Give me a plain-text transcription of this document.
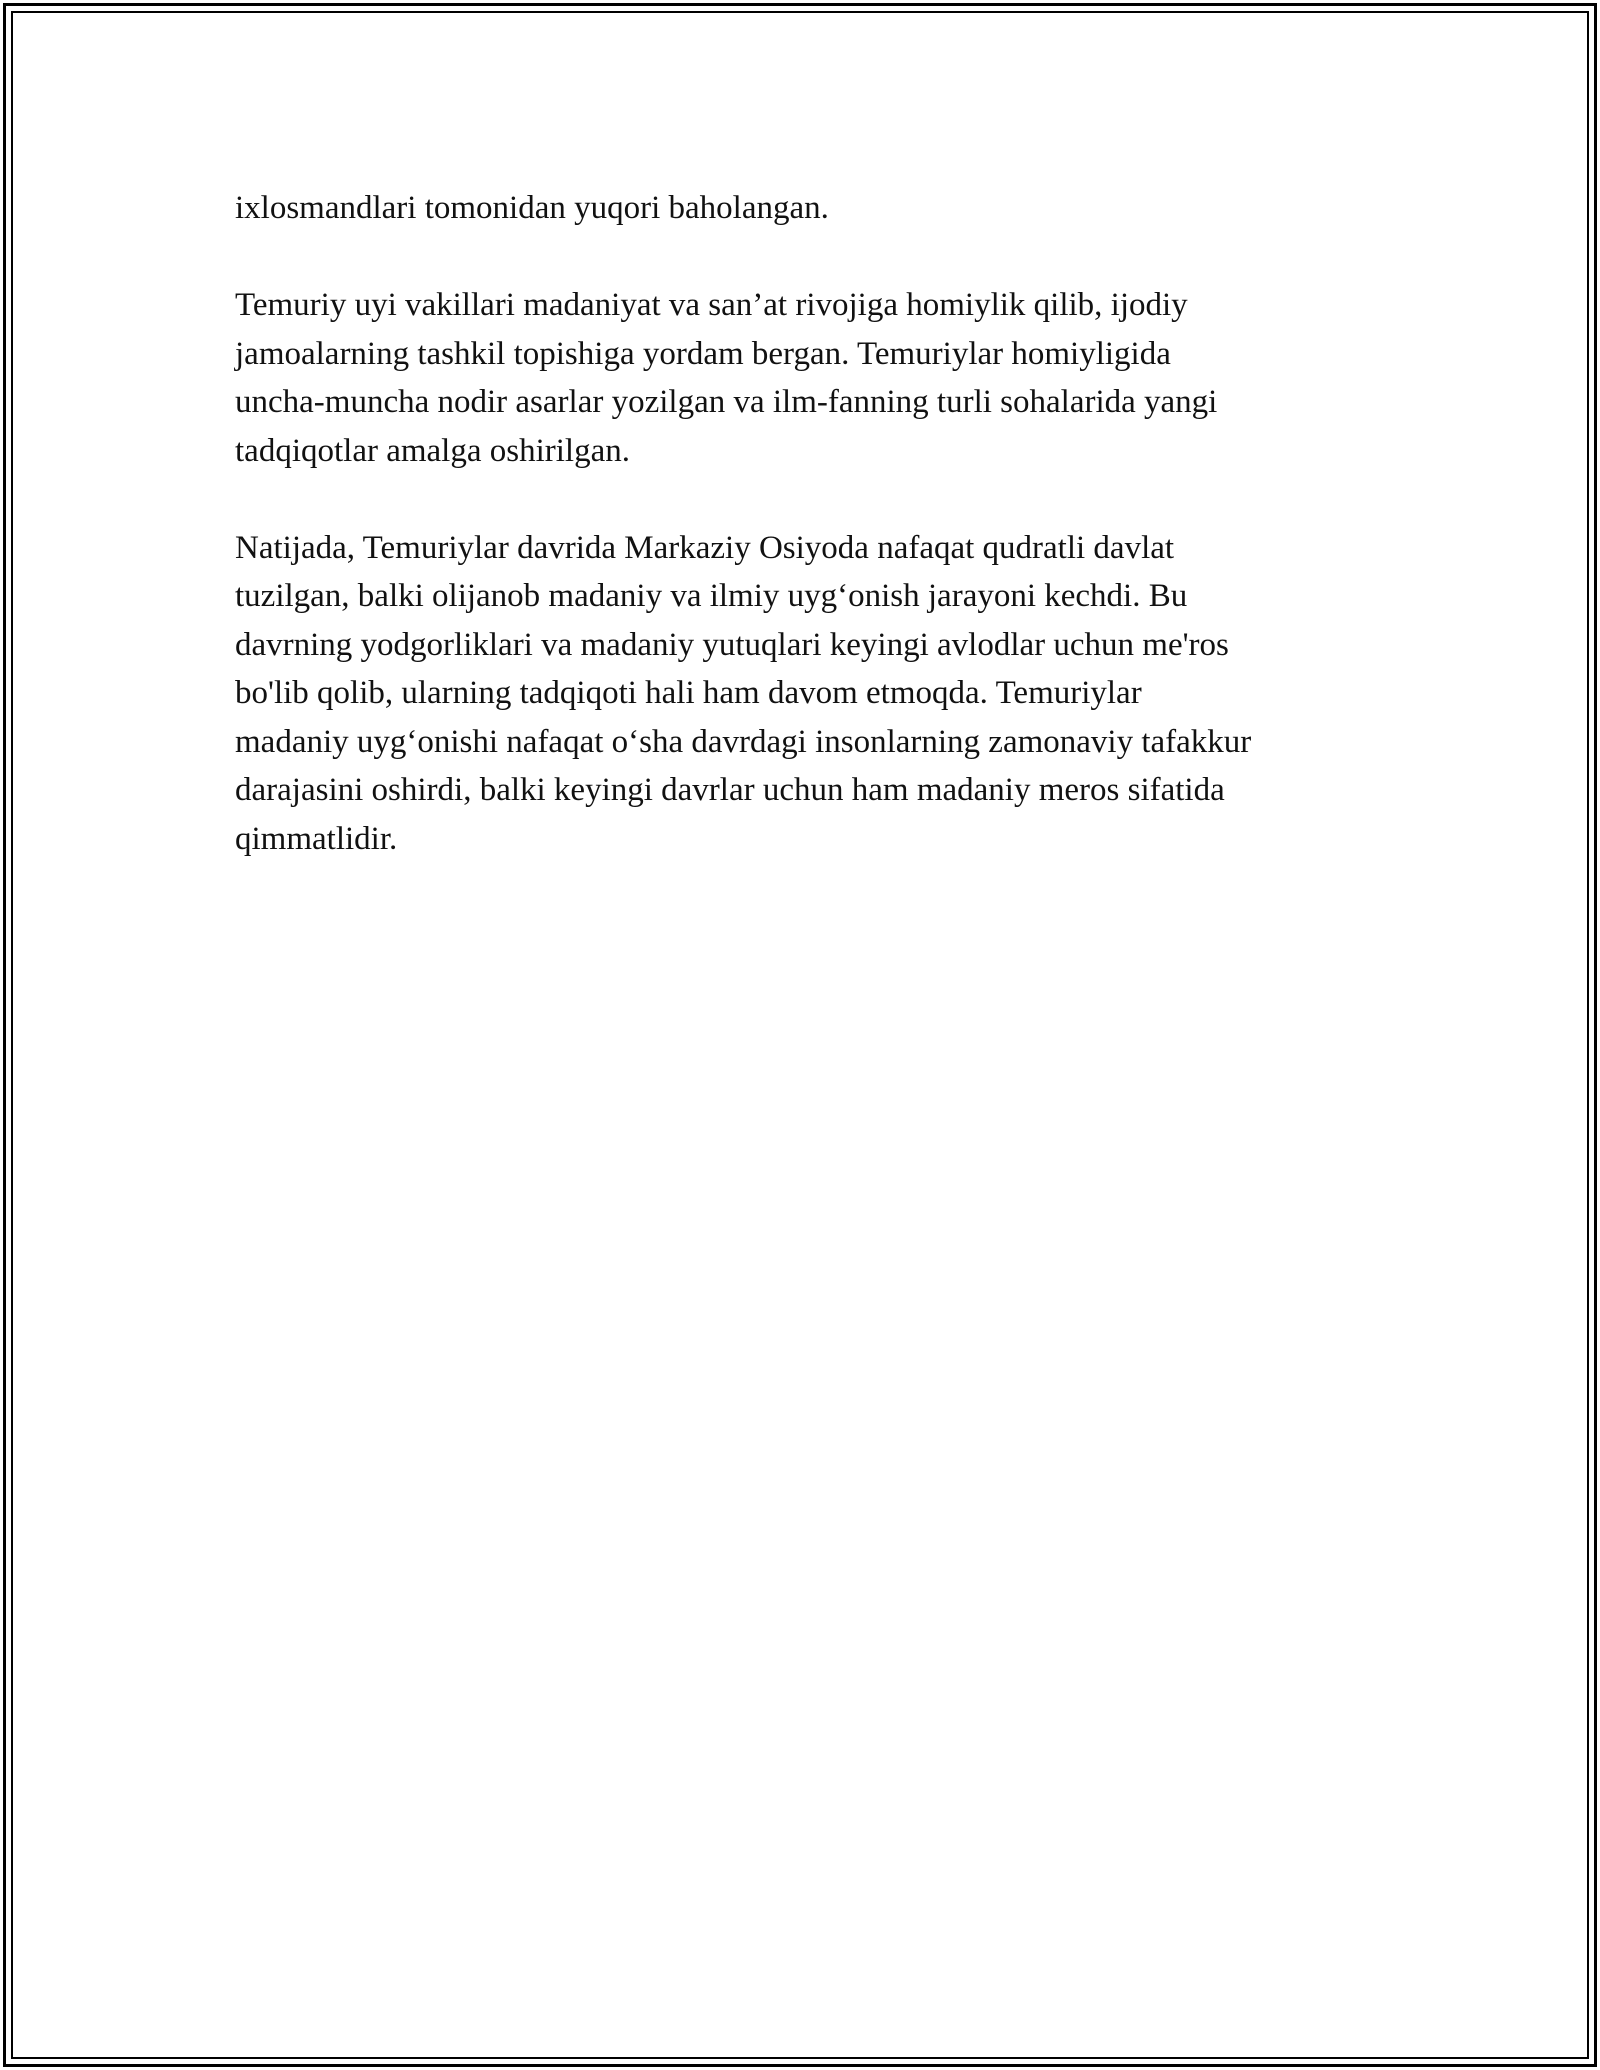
ixlosmandlari tomonidan yuqori baholangan.

Temuriy uyi vakillari madaniyat va san’at rivojiga homiylik qilib, ijodiy
jamoalarning tashkil topishiga yordam bergan. Temuriylar homiyligida
uncha-muncha nodir asarlar yozilgan va ilm-fanning turli sohalarida yangi
tadqiqotlar amalga oshirilgan.

Natijada, Temuriylar davrida Markaziy Osiyoda nafaqat qudratli davlat
tuzilgan, balki olijanob madaniy va ilmiy uyg‘onish jarayoni kechdi. Bu
davrning yodgorliklari va madaniy yutuqlari keyingi avlodlar uchun me'ros
bo'lib qolib, ularning tadqiqoti hali ham davom etmoqda. Temuriylar
madaniy uyg‘onishi nafaqat o‘sha davrdagi insonlarning zamonaviy tafakkur
darajasini oshirdi, balki keyingi davrlar uchun ham madaniy meros sifatida
qimmatlidir.
